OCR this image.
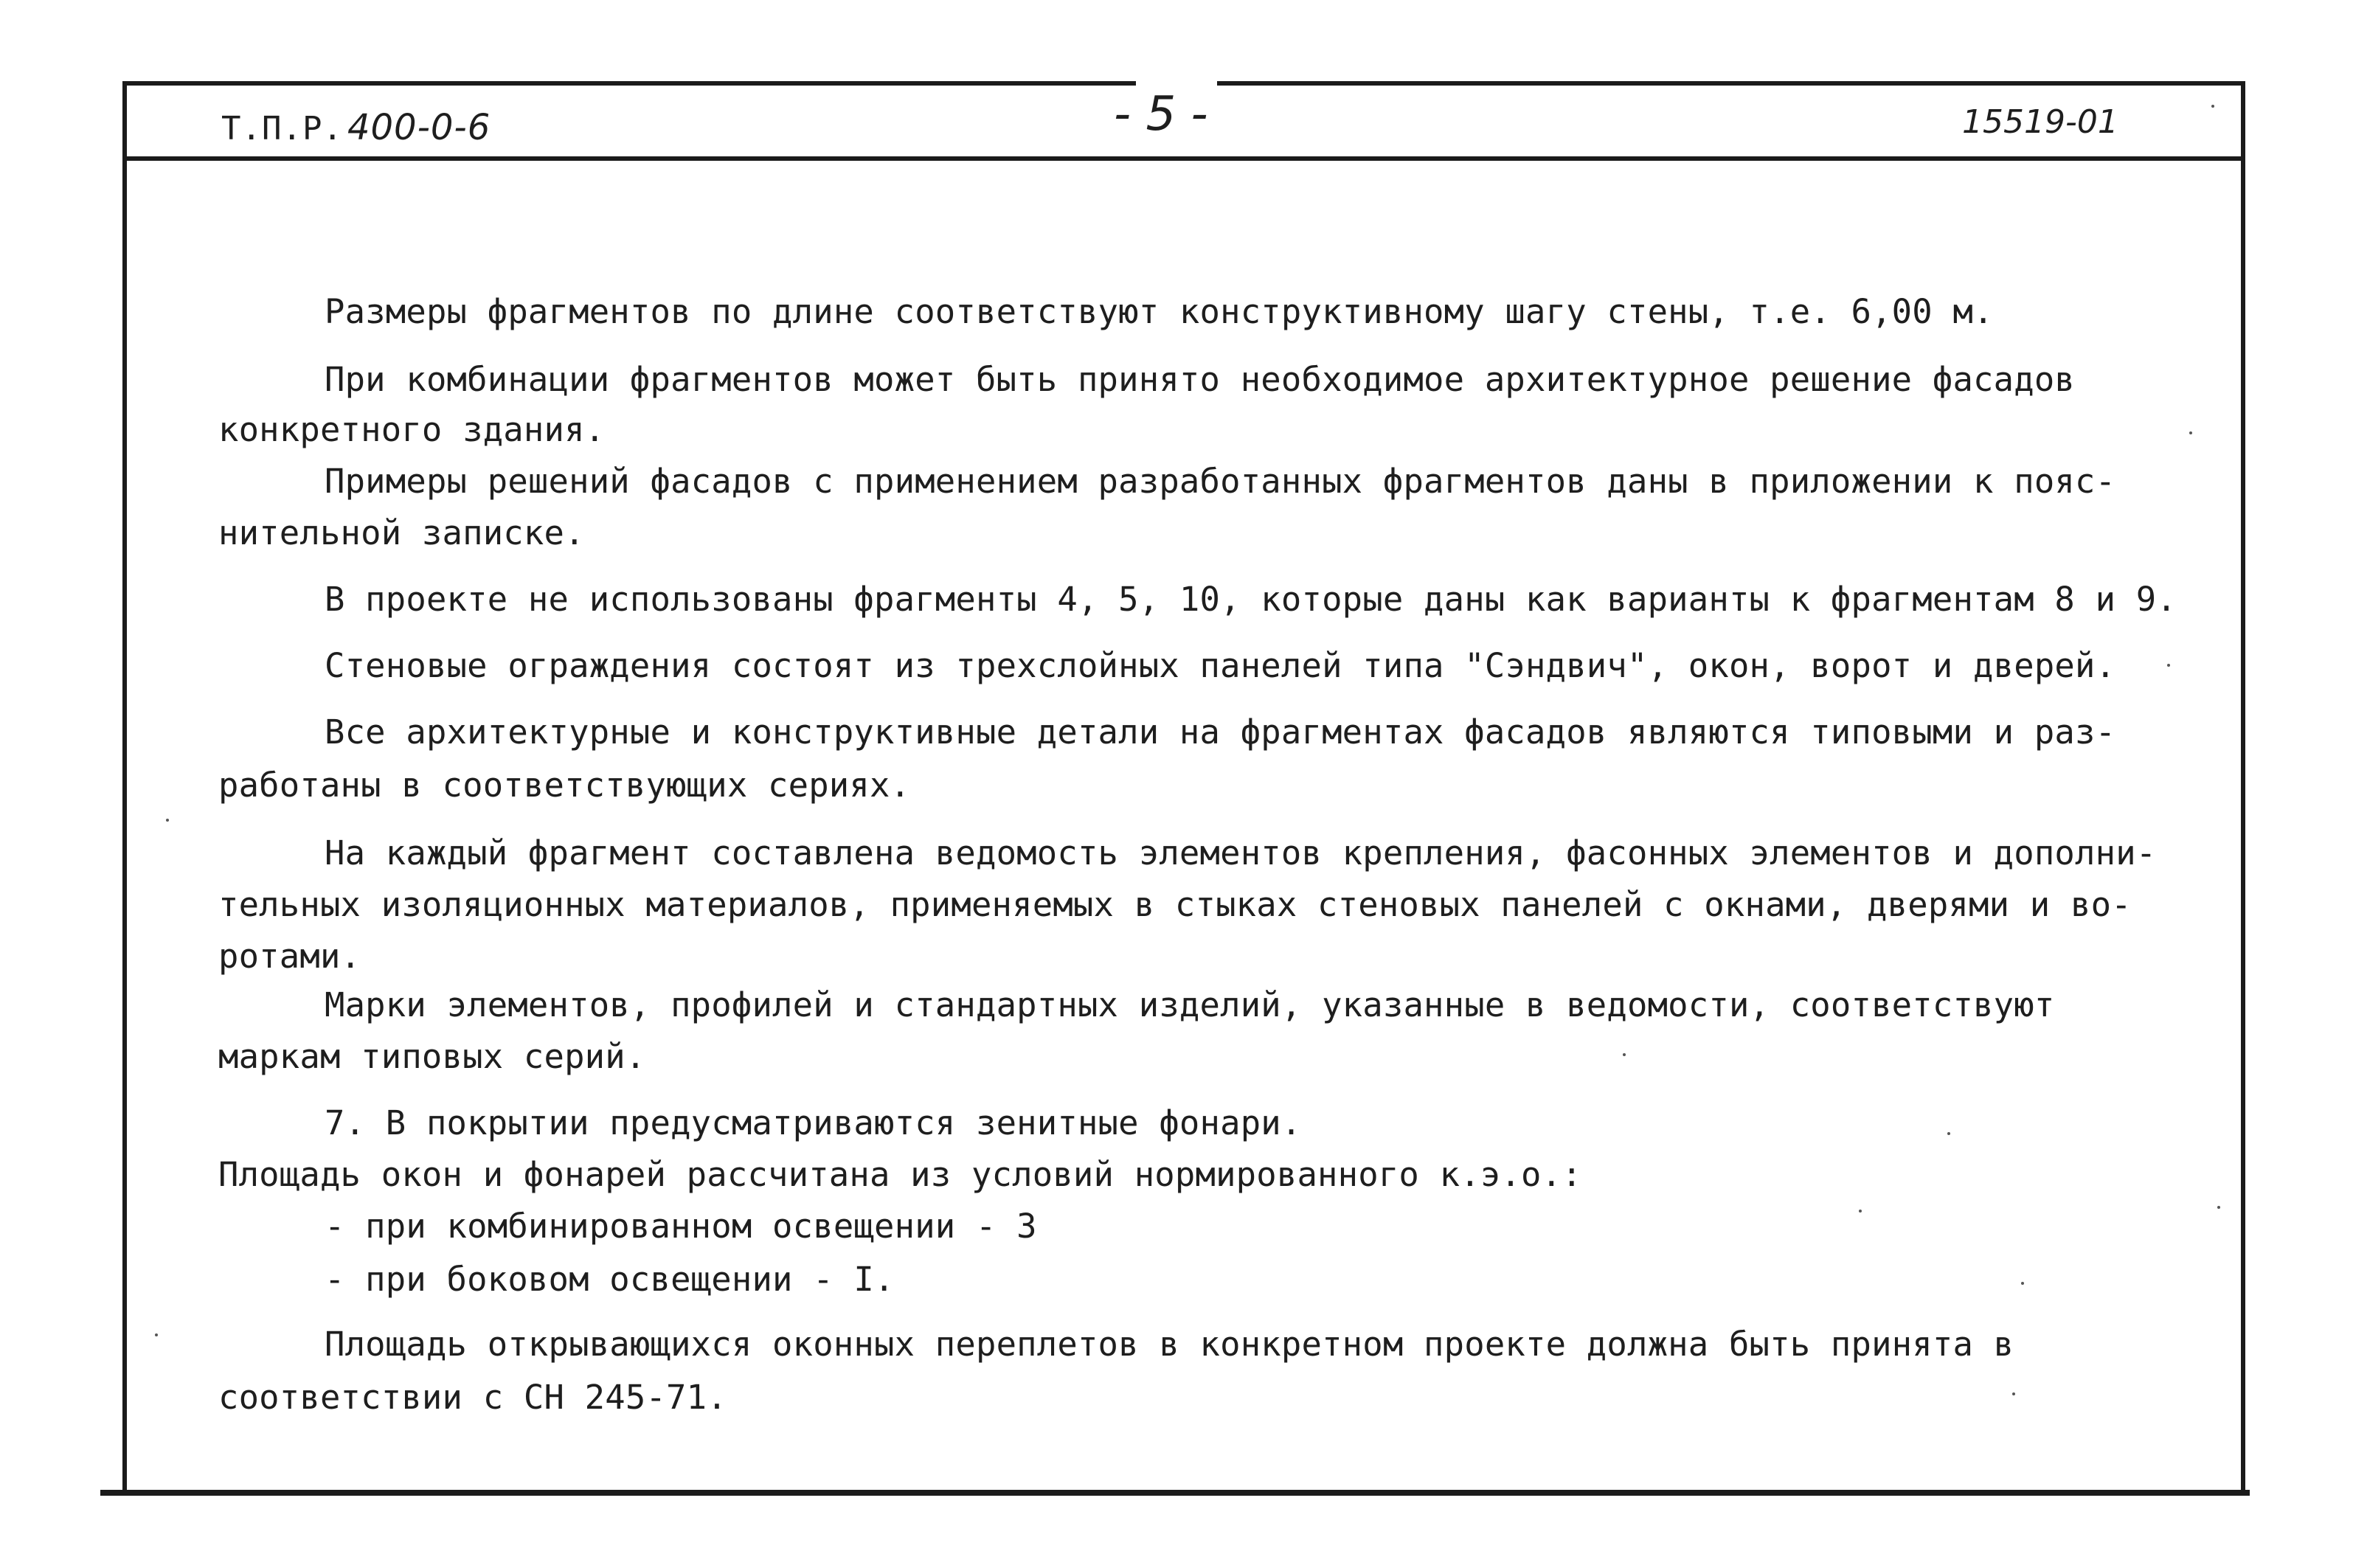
Т.П.Р. 400-0-6	- 5 -	15519-01
Размеры фрагментов по длине соответствуют конструктивному шагу стены, т.е. 6,00 м.
При комбинации фрагментов может быть принято необходимое архитектурное решение фасадов
конкретного здания.
Примеры решений фасадов с применением разработанных фрагментов даны в приложении к пояс-
нительной записке.
В проекте не использованы фрагменты 4, 5, 10, которые даны как варианты к фрагментам 8 и 9.
Стеновые ограждения состоят из трехслойных панелей типа "Сэндвич", окон, ворот и дверей.
Все архитектурные и конструктивные детали на фрагментах фасадов являются типовыми и раз-
работаны в соответствующих сериях.
На каждый фрагмент составлена ведомость элементов крепления, фасонных элементов и дополни-
тельных изоляционных материалов, применяемых в стыках стеновых панелей с окнами, дверями и во-
ротами.
Марки элементов, профилей и стандартных изделий, указанные в ведомости, соответствуют
маркам типовых серий.
7. В покрытии предусматриваются зенитные фонари.
Площадь окон и фонарей рассчитана из условий нормированного к.э.о.:
- при комбинированном освещении - 3
- при боковом освещении - I.
Площадь открывающихся оконных переплетов в конкретном проекте должна быть принята в
соответствии с СН 245-71.
